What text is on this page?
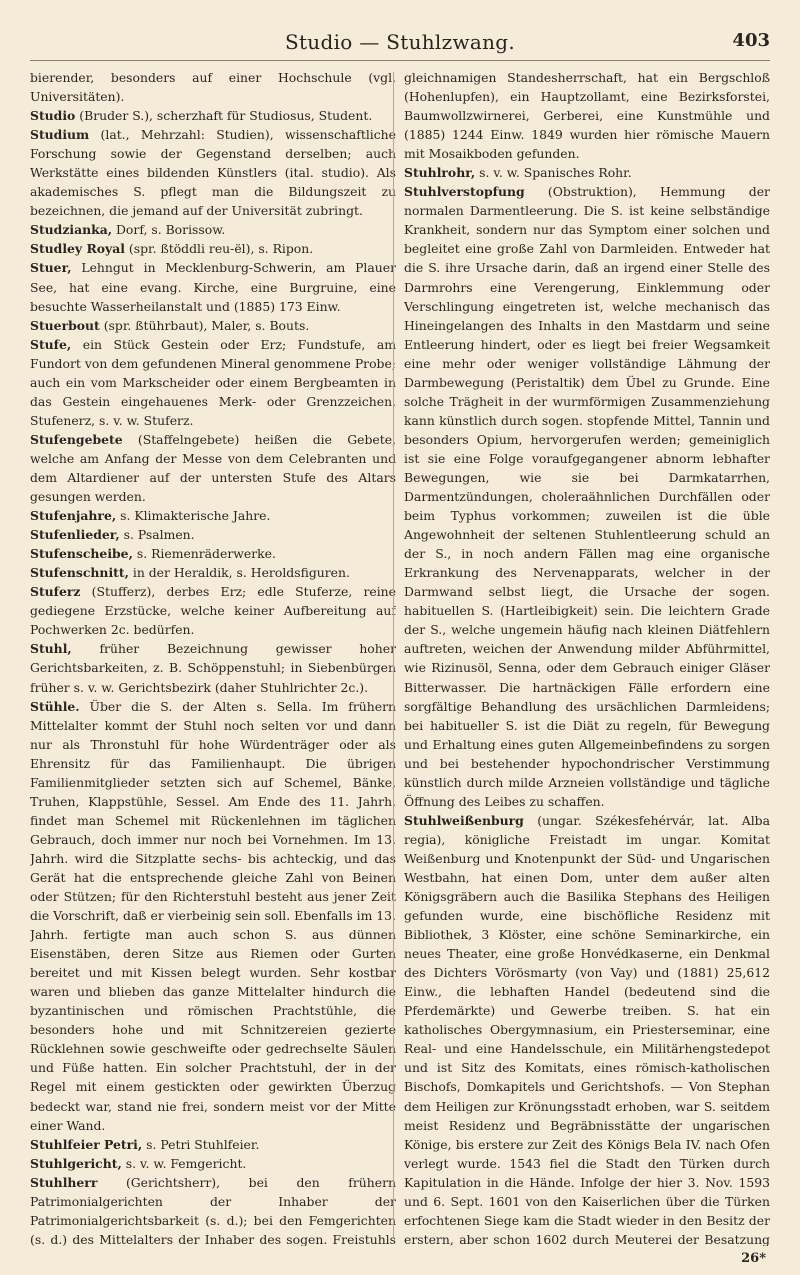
Studio — Stuhlzwang.	403

bierender, besonders auf einer Hochschule (vgl. Universitäten).

Studio (Bruder S.), scherzhaft für Studiosus, Student.

Studium (lat., Mehrzahl: Studien), wissenschaftliche Forschung sowie der Gegenstand derselben; auch Werkstätte eines bildenden Künstlers (ital. studio). Als akademisches S. pflegt man die Bildungszeit zu bezeichnen, die jemand auf der Universität zubringt.

Studzianka, Dorf, s. Borissow.

Studley Royal (spr. ßtöddli reu-ël), s. Ripon.

Stuer, Lehngut in Mecklenburg-Schwerin, am Plauer See, hat eine evang. Kirche, eine Burgruine, eine besuchte Wasserheilanstalt und (1885) 173 Einw.

Stuerbout (spr. ßtührbaut), Maler, s. Bouts.

Stufe, ein Stück Gestein oder Erz; Fundstufe, am Fundort von dem gefundenen Mineral genommene Probe; auch ein vom Markscheider oder einem Bergbeamten in das Gestein eingehauenes Merk- oder Grenzzeichen. Stufenerz, s. v. w. Stuferz.

Stufengebete (Staffelngebete) heißen die Gebete, welche am Anfang der Messe von dem Celebranten und dem Altardiener auf der untersten Stufe des Altars gesungen werden.

Stufenjahre, s. Klimakterische Jahre.

Stufenlieder, s. Psalmen.

Stufenscheibe, s. Riemenräderwerke.

Stufenschnitt, in der Heraldik, s. Heroldsfiguren.

Stuferz (Stufferz), derbes Erz; edle Stuferze, reine gediegene Erzstücke, welche keiner Aufbereitung auf Pochwerken 2c. bedürfen.

Stuhl, früher Bezeichnung gewisser hoher Gerichtsbarkeiten, z. B. Schöppenstuhl; in Siebenbürgen früher s. v. w. Gerichtsbezirk (daher Stuhlrichter 2c.).

Stühle. Über die S. der Alten s. Sella. Im frühern Mittelalter kommt der Stuhl noch selten vor und dann nur als Thronstuhl für hohe Würdenträger oder als Ehrensitz für das Familienhaupt. Die übrigen Familienmitglieder setzten sich auf Schemel, Bänke, Truhen, Klappstühle, Sessel. Am Ende des 11. Jahrh. findet man Schemel mit Rückenlehnen im täglichen Gebrauch, doch immer nur noch bei Vornehmen. Im 13. Jahrh. wird die Sitzplatte sechs- bis achteckig, und das Gerät hat die entsprechende gleiche Zahl von Beinen oder Stützen; für den Richterstuhl besteht aus jener Zeit die Vorschrift, daß er vierbeinig sein soll. Ebenfalls im 13. Jahrh. fertigte man auch schon S. aus dünnen Eisenstäben, deren Sitze aus Riemen oder Gurten bereitet und mit Kissen belegt wurden. Sehr kostbar waren und blieben das ganze Mittelalter hindurch die byzantinischen und römischen Prachtstühle, die besonders hohe und mit Schnitzereien gezierte Rücklehnen sowie geschweifte oder gedrechselte Säulen und Füße hatten. Ein solcher Prachtstuhl, der in der Regel mit einem gestickten oder gewirkten Überzug bedeckt war, stand nie frei, sondern meist vor der Mitte einer Wand.

Stuhlfeier Petri, s. Petri Stuhlfeier.

Stuhlgericht, s. v. w. Femgericht.

Stuhlherr (Gerichtsherr), bei den frühern Patrimonialgerichten der Inhaber der Patrimonialgerichtsbarkeit (s. d.); bei den Femgerichten (s. d.) des Mittelalters der Inhaber des sogen. Freistuhls

gleichnamigen Standesherrschaft, hat ein Bergschloß (Hohenlupfen), ein Hauptzollamt, eine Bezirksforstei, Baumwollzwirnerei, Gerberei, eine Kunstmühle und (1885) 1244 Einw. 1849 wurden hier römische Mauern mit Mosaikboden gefunden.

Stuhlrohr, s. v. w. Spanisches Rohr.

Stuhlverstopfung (Obstruktion), Hemmung der normalen Darmentleerung. Die S. ist keine selbständige Krankheit, sondern nur das Symptom einer solchen und begleitet eine große Zahl von Darmleiden. Entweder hat die S. ihre Ursache darin, daß an irgend einer Stelle des Darmrohrs eine Verengerung, Einklemmung oder Verschlingung eingetreten ist, welche mechanisch das Hineingelangen des Inhalts in den Mastdarm und seine Entleerung hindert, oder es liegt bei freier Wegsamkeit eine mehr oder weniger vollständige Lähmung der Darmbewegung (Peristaltik) dem Übel zu Grunde. Eine solche Trägheit in der wurmförmigen Zusammenziehung kann künstlich durch sogen. stopfende Mittel, Tannin und besonders Opium, hervorgerufen werden; gemeiniglich ist sie eine Folge voraufgegangener abnorm lebhafter Bewegungen, wie sie bei Darmkatarrhen, Darmentzündungen, choleraähnlichen Durchfällen oder beim Typhus vorkommen; zuweilen ist die üble Angewohnheit der seltenen Stuhlentleerung schuld an der S., in noch andern Fällen mag eine organische Erkrankung des Nervenapparats, welcher in der Darmwand selbst liegt, die Ursache der sogen. habituellen S. (Hartleibigkeit) sein. Die leichtern Grade der S., welche ungemein häufig nach kleinen Diätfehlern auftreten, weichen der Anwendung milder Abführmittel, wie Rizinusöl, Senna, oder dem Gebrauch einiger Gläser Bitterwasser. Die hartnäckigen Fälle erfordern eine sorgfältige Behandlung des ursächlichen Darmleidens; bei habitueller S. ist die Diät zu regeln, für Bewegung und Erhaltung eines guten Allgemeinbefindens zu sorgen und bei bestehender hypochondrischer Verstimmung künstlich durch milde Arzneien vollständige und tägliche Öffnung des Leibes zu schaffen.

Stuhlweißenburg (ungar. Székesfehérvár, lat. Alba regia), königliche Freistadt im ungar. Komitat Weißenburg und Knotenpunkt der Süd- und Ungarischen Westbahn, hat einen Dom, unter dem außer alten Königsgräbern auch die Basilika Stephans des Heiligen gefunden wurde, eine bischöfliche Residenz mit Bibliothek, 3 Klöster, eine schöne Seminarkirche, ein neues Theater, eine große Honvédkaserne, ein Denkmal des Dichters Vörösmarty (von Vay) und (1881) 25,612 Einw., die lebhaften Handel (bedeutend sind die Pferdemärkte) und Gewerbe treiben. S. hat ein katholisches Obergymnasium, ein Priesterseminar, eine Real- und eine Handelsschule, ein Militärhengstedepot und ist Sitz des Komitats, eines römisch-katholischen Bischofs, Domkapitels und Gerichtshofs. — Von Stephan dem Heiligen zur Krönungsstadt erhoben, war S. seitdem meist Residenz und Begräbnisstätte der ungarischen Könige, bis erstere zur Zeit des Königs Bela IV. nach Ofen verlegt wurde. 1543 fiel die Stadt den Türken durch Kapitulation in die Hände. Infolge der hier 3. Nov. 1593 und 6. Sept. 1601 von den Kaiserlichen über die Türken erfochtenen Siege kam die Stadt wieder in den Besitz der erstern, aber schon 1602 durch Meuterei der Besatzung

26*
